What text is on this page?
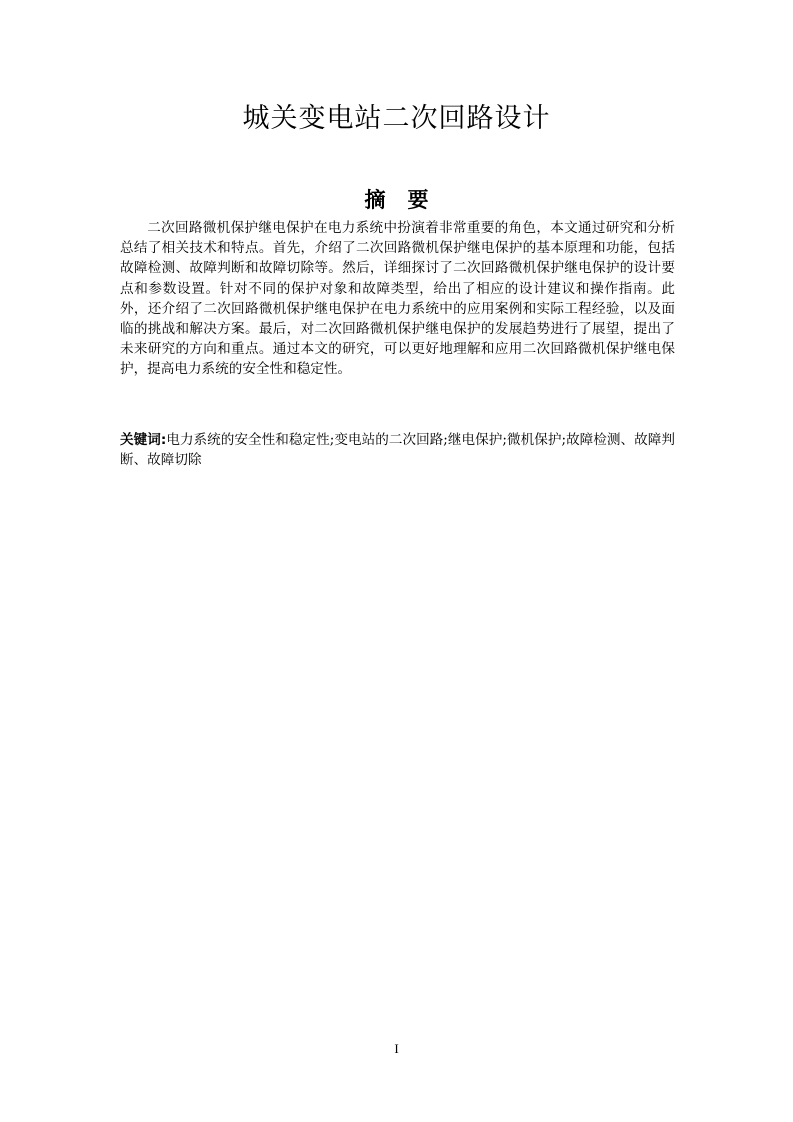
城关变电站二次回路设计
摘要

二次回路微机保护继电保护在电力系统中扮演着非常重要的角色，本文通过研究和分析总结了相关技术和特点。首先，介绍了二次回路微机保护继电保护的基本原理和功能，包括故障检测、故障判断和故障切除等。然后，详细探讨了二次回路微机保护继电保护的设计要点和参数设置。针对不同的保护对象和故障类型，给出了相应的设计建议和操作指南。此外，还介绍了二次回路微机保护继电保护在电力系统中的应用案例和实际工程经验，以及面临的挑战和解决方案。最后，对二次回路微机保护继电保护的发展趋势进行了展望，提出了未来研究的方向和重点。通过本文的研究，可以更好地理解和应用二次回路微机保护继电保护，提高电力系统的安全性和稳定性。

关键词:电力系统的安全性和稳定性;变电站的二次回路;继电保护;微机保护;故障检测、故障判断、故障切除

I
